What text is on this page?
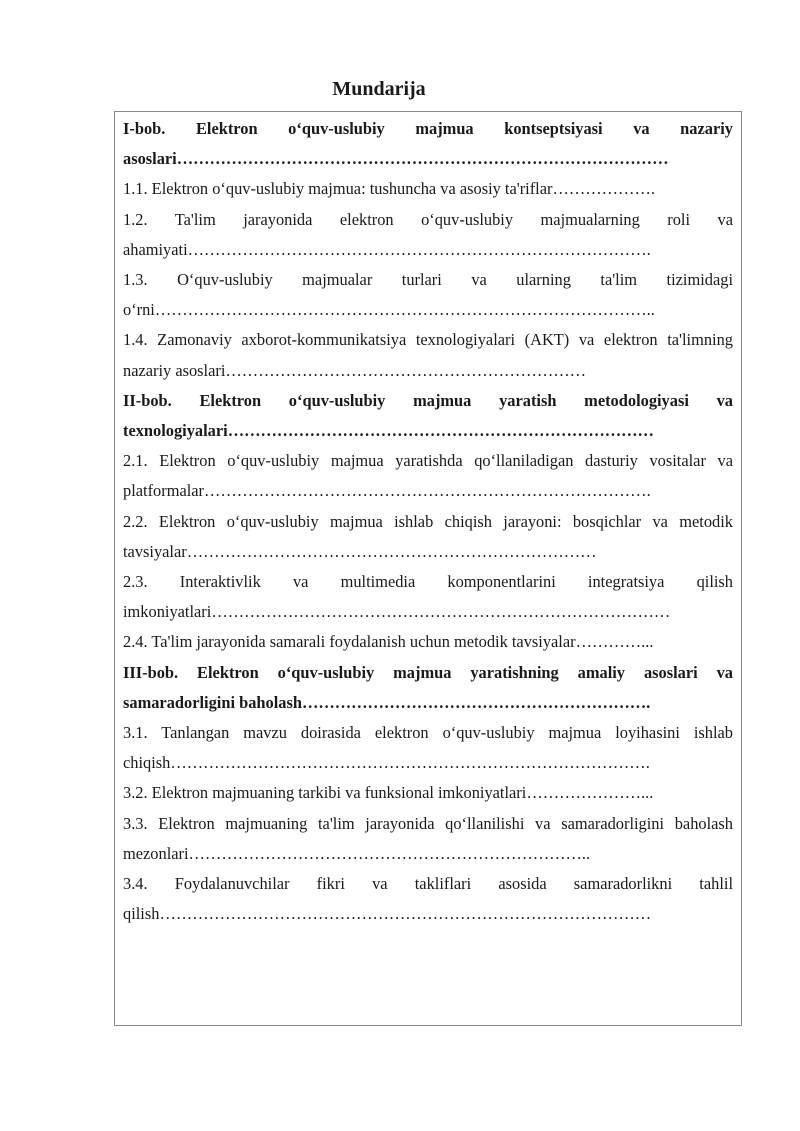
Mundarija
I-bob. Elektron o‘quv-uslubiy majmua kontseptsiyasi va nazariy asoslari………………………………………………………………………………
1.1. Elektron o‘quv-uslubiy majmua: tushuncha va asosiy ta'riflar……………….
1.2. Ta'lim jarayonida elektron o‘quv-uslubiy majmualarning roli va ahamiyati………………………………………………………………………….
1.3. O‘quv-uslubiy majmualar turlari va ularning ta'lim tizimidagi o‘rni………………………………………………………………………………..
1.4. Zamonaviy axborot-kommunikatsiya texnologiyalari (AKT) va elektron ta'limning nazariy asoslari…………………………………………………………
II-bob. Elektron o‘quv-uslubiy majmua yaratish metodologiyasi va texnologiyalari……………………………………………………………………
2.1. Elektron o‘quv-uslubiy majmua yaratishda qo‘llaniladigan dasturiy vositalar va platformalar……………………………………………………………………….
2.2. Elektron o‘quv-uslubiy majmua ishlab chiqish jarayoni: bosqichlar va metodik tavsiyalar…………………………………………………………………
2.3. Interaktivlik va multimedia komponentlarini integratsiya qilish imkoniyatlari…………………………………………………………………………
2.4. Ta'lim jarayonida samarali foydalanish uchun metodik tavsiyalar…………...
III-bob. Elektron o‘quv-uslubiy majmua yaratishning amaliy asoslari va samaradorligini baholash……………………………………………………….
3.1. Tanlangan mavzu doirasida elektron o‘quv-uslubiy majmua loyihasini ishlab chiqish…………………………………………………………………………….
3.2. Elektron majmuaning tarkibi va funksional imkoniyatlari…………………...
3.3. Elektron majmuaning ta'lim jarayonida qo‘llanilishi va samaradorligini baholash mezonlari………………………………………………………………..
3.4. Foydalanuvchilar fikri va takliflari asosida samaradorlikni tahlil qilish………………………………………………………………………………
